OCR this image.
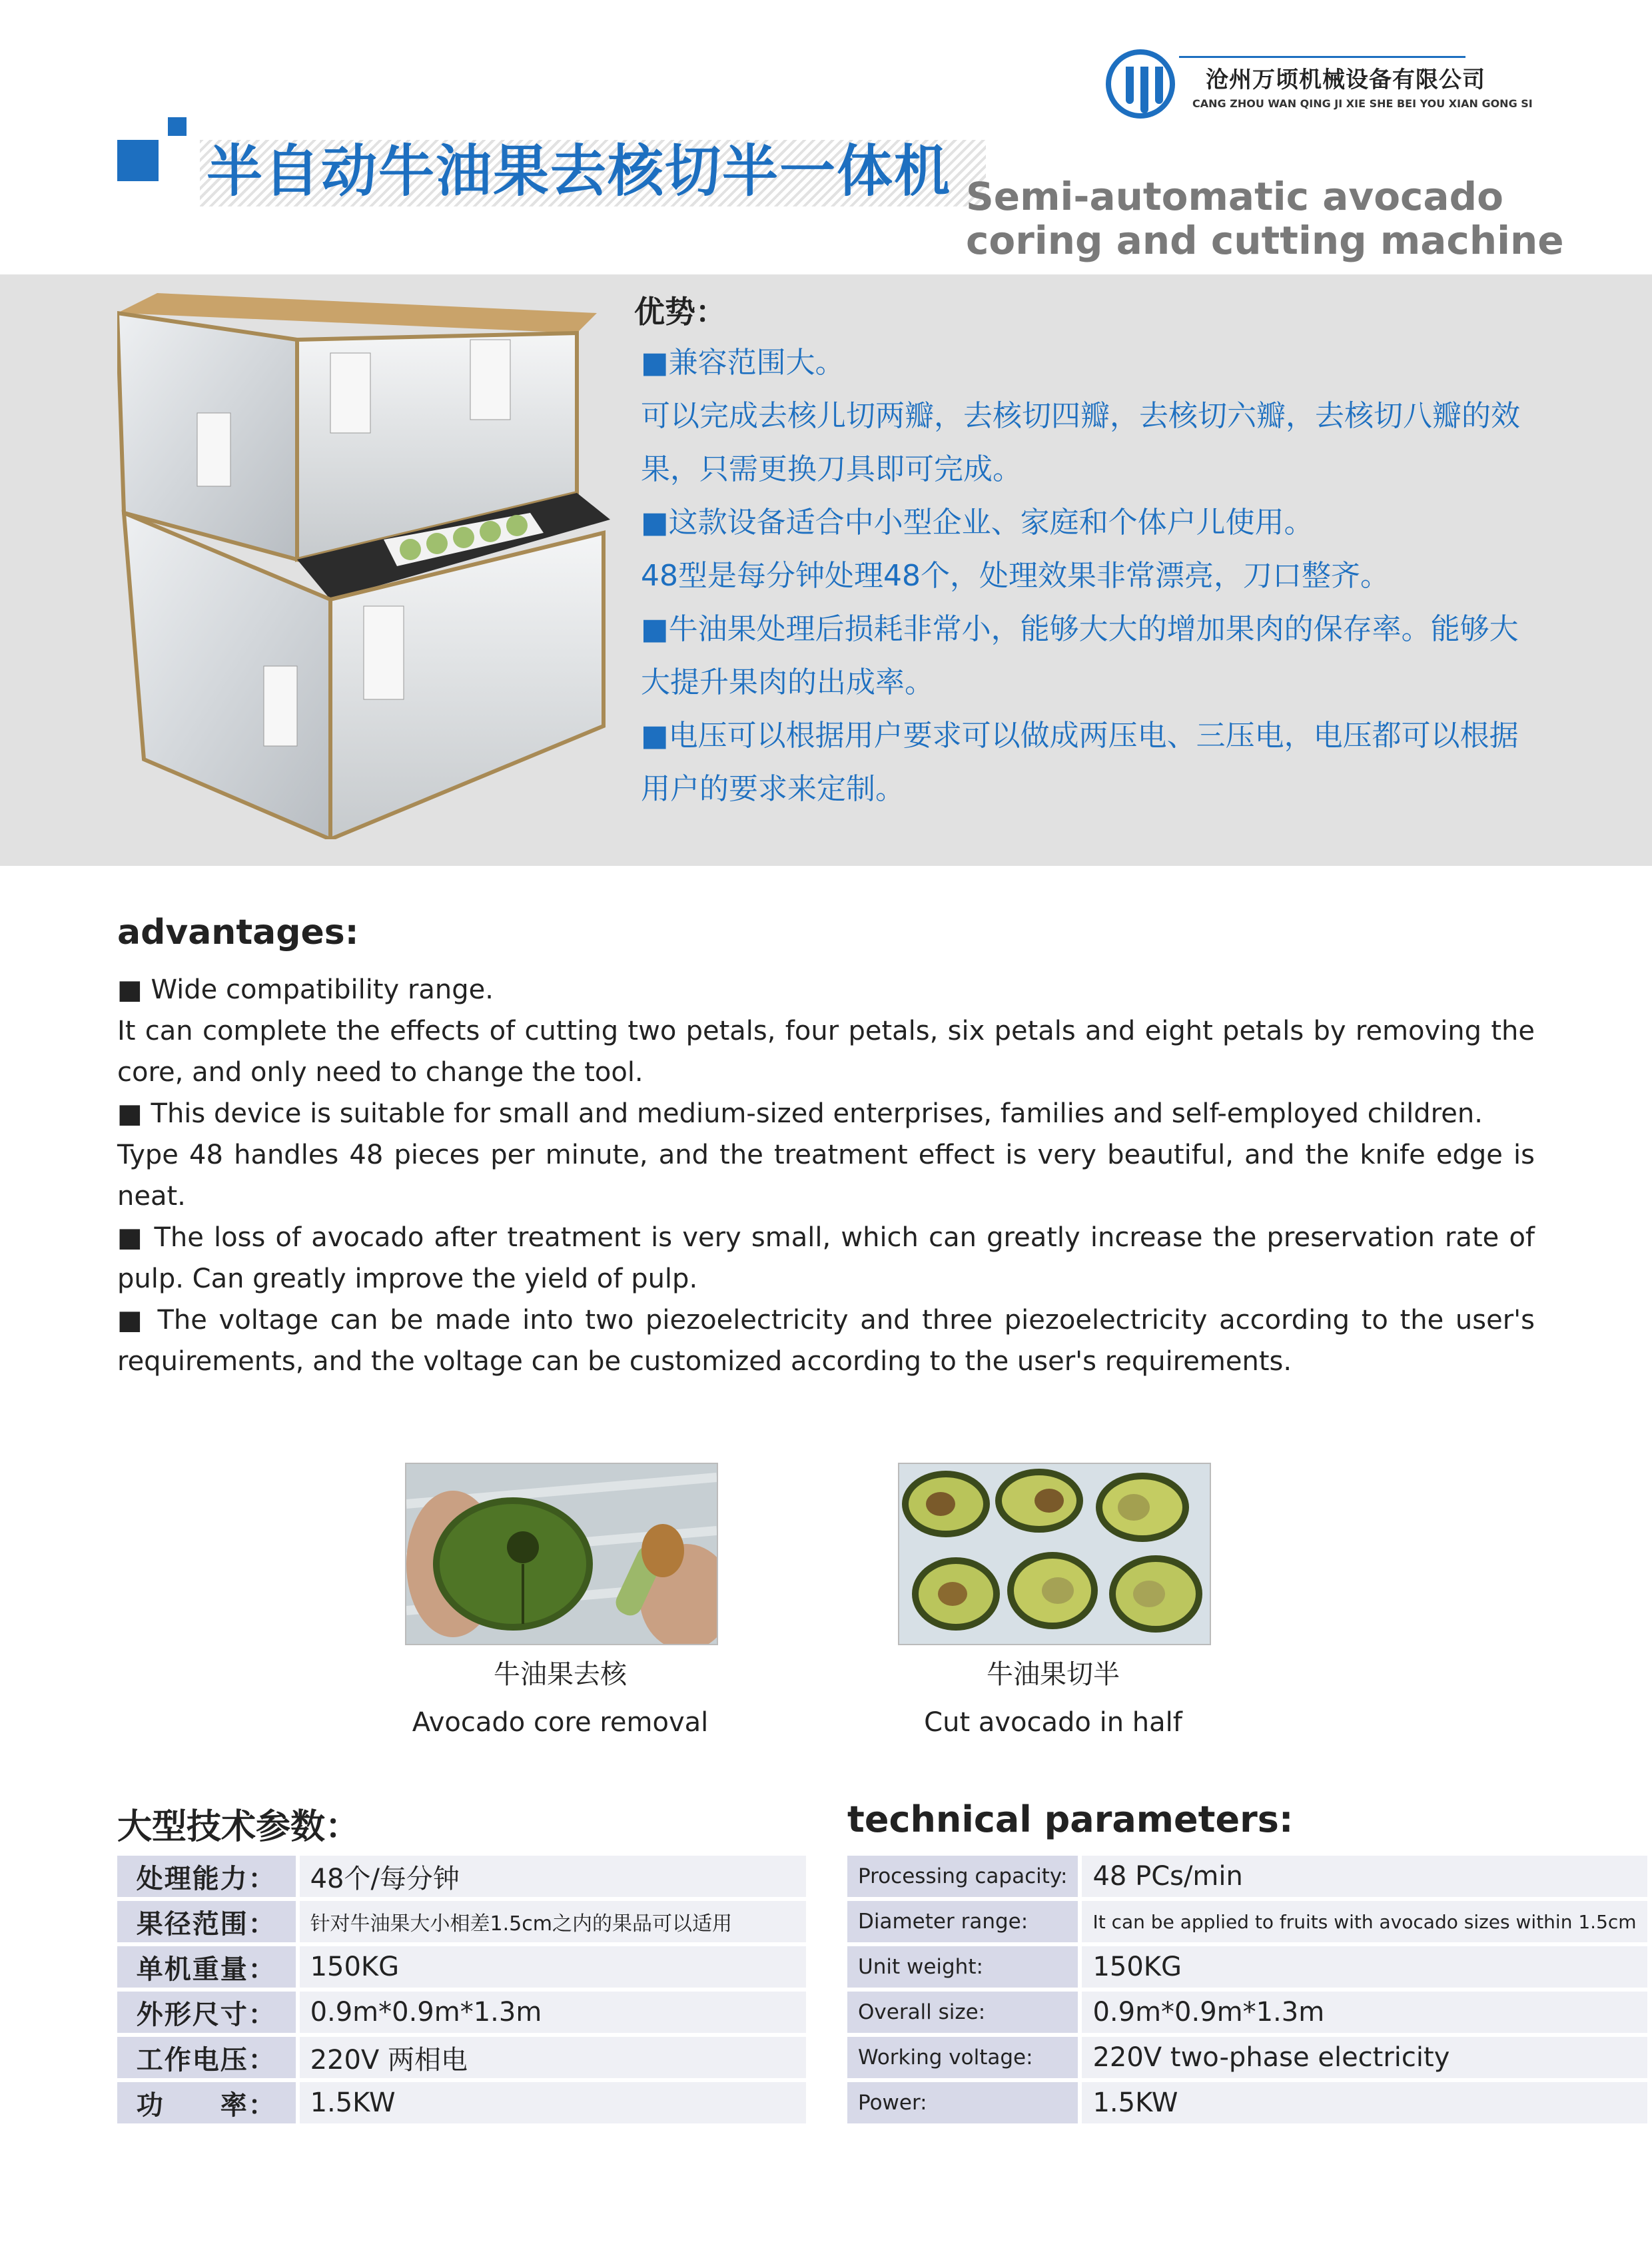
沧州万顷机械设备有限公司
CANG ZHOU WAN QING JI XIE SHE BEI YOU XIAN GONG SI
半自动牛油果去核切半一体机 Semi-automatic avocado
coring and cutting machine
优势：

■兼容范围大。

可以完成去核儿切两瓣，去核切四瓣，去核切六瓣，去核切八瓣的效果，只需更换刀具即可完成。

■这款设备适合中小型企业、家庭和个体户儿使用。

48型是每分钟处理48个，处理效果非常漂亮，刀口整齐。

■牛油果处理后损耗非常小，能够大大的增加果肉的保存率。能够大大提升果肉的出成率。

■电压可以根据用户要求可以做成两压电、三压电，电压都可以根据用户的要求来定制。

advantages:

■ Wide compatibility range.

It can complete the effects of cutting two petals, four petals, six petals and eight petals by removing the core, and only need to change the tool.

■ This device is suitable for small and medium-sized enterprises, families and self-employed children.

Type 48 handles 48 pieces per minute, and the treatment effect is very beautiful, and the knife edge is neat.

■ The loss of avocado after treatment is very small, which can greatly increase the preservation rate of pulp. Can greatly improve the yield of pulp.

■ The voltage can be made into two piezoelectricity and three piezoelectricity according to the user's requirements, and the voltage can be customized according to the user's requirements.

牛油果去核
Avocado core removal
牛油果切半
Cut avocado in half
大型技术参数：
处理能力：	48个/每分钟
果径范围：	针对牛油果大小相差1.5cm之内的果品可以适用
单机重量：	150KG
外形尺寸：	0.9m*0.9m*1.3m
工作电压：	220V 两相电
功　　率：	1.5KW
technical parameters:
Processing capacity:	48 PCs/min
Diameter range:	It can be applied to fruits with avocado sizes within 1.5cm
Unit weight:	150KG
Overall size:	0.9m*0.9m*1.3m
Working voltage:	220V two-phase electricity
Power:	1.5KW
